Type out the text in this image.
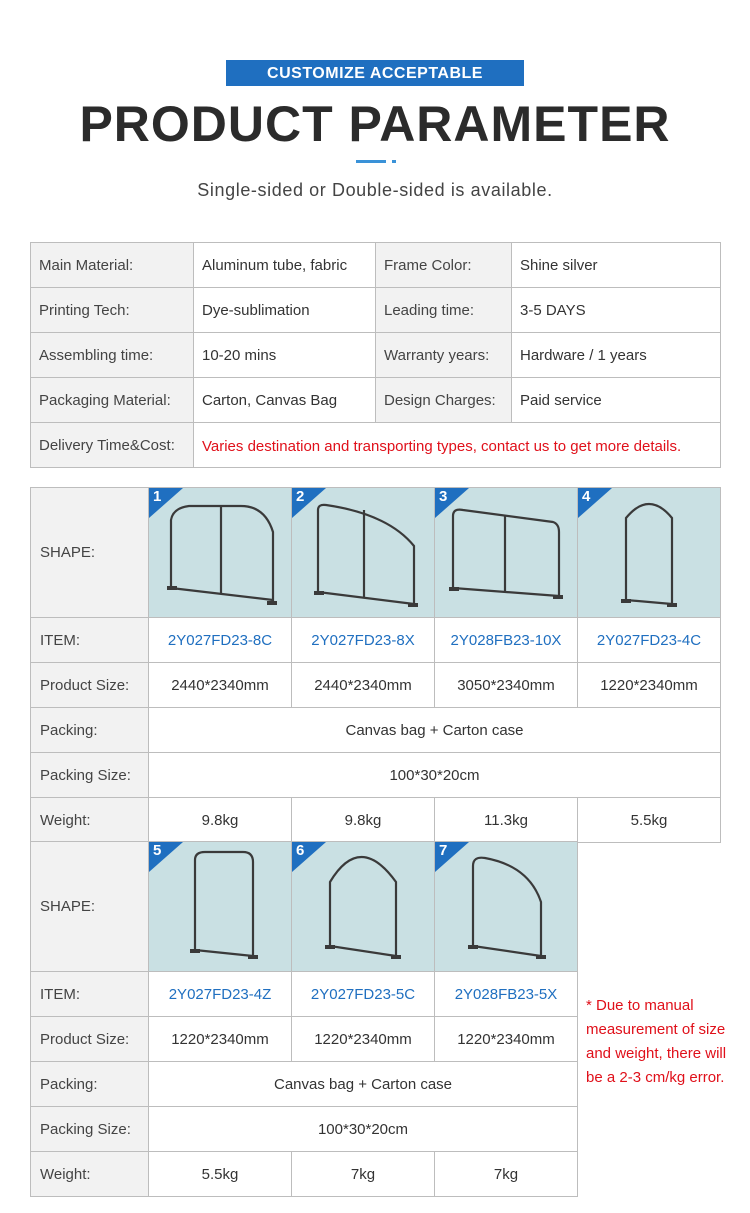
CUSTOMIZE ACCEPTABLE
PRODUCT PARAMETER
Single-sided or Double-sided is available.
Main Material:	Aluminum tube, fabric	Frame Color:	Shine silver
Printing Tech:	Dye-sublimation	Leading time:	3-5 DAYS
Assembling time:	10-20 mins	Warranty years:	Hardware / 1 years
Packaging Material:	Carton, Canvas Bag	Design Charges:	Paid service
Delivery Time&Cost:	Varies destination and transporting types, contact us to get more details.		
SHAPE:	1	2	3	4

ITEM:	2Y027FD23-8C	2Y027FD23-8X	2Y028FB23-10X	2Y027FD23-4C
Product Size:	2440*2340mm	2440*2340mm	3050*2340mm	1220*2340mm
Packing:	Canvas bag + Carton case			
Packing Size:	100*30*20cm			
Weight:	9.8kg	9.8kg	11.3kg	5.5kg
SHAPE:	5	6	7

ITEM:	2Y027FD23-4Z	2Y027FD23-5C	2Y028FB23-5X
Product Size:	1220*2340mm	1220*2340mm	1220*2340mm
Packing:	Canvas bag + Carton case		
Packing Size:	100*30*20cm		
Weight:	5.5kg	7kg	7kg
* Due to manual measurement of size and weight, there will be a 2-3 cm/kg error.
